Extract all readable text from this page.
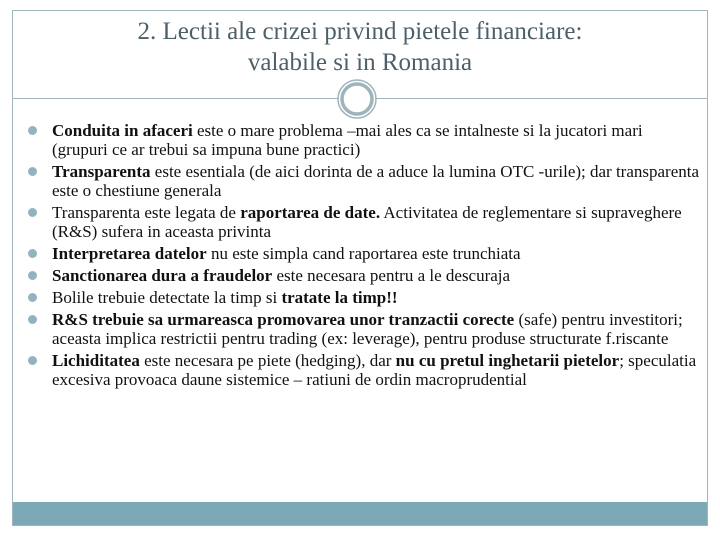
2. Lectii ale crizei privind pietele financiare:
valabile si in Romania
Conduita in afaceri este o mare problema –mai ales ca se intalneste si la jucatori mari (grupuri ce ar trebui sa impuna bune practici)
Transparenta este esentiala (de aici dorinta de a aduce la lumina OTC -urile); dar transparenta este o chestiune generala
Transparenta este legata de raportarea de date. Activitatea de reglementare si supraveghere (R&S) sufera in aceasta privinta
Interpretarea datelor nu este simpla cand raportarea este trunchiata
Sanctionarea dura a fraudelor este necesara pentru a le descuraja
Bolile trebuie detectate la timp si tratate la timp!!
R&S trebuie sa urmareasca promovarea unor tranzactii corecte (safe) pentru investitori; aceasta implica restrictii pentru trading (ex: leverage), pentru produse structurate f.riscante
Lichiditatea este necesara pe piete (hedging), dar nu cu pretul inghetarii pietelor; speculatia excesiva provoaca daune sistemice – ratiuni de ordin macroprudential
